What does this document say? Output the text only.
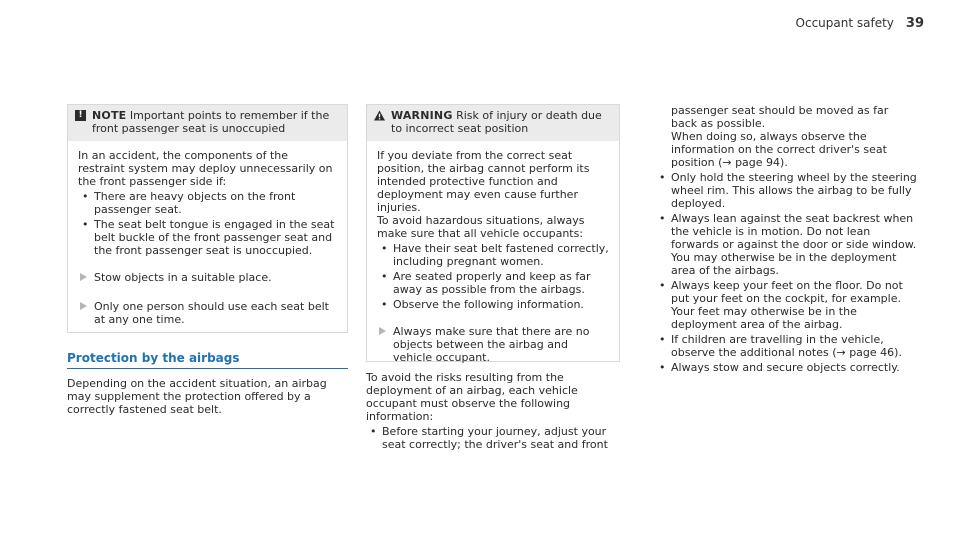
Occupant safety 39
! NOTE Important points to remember if the front passenger seat is unoccupied

In an accident, the components of the restraint system may deploy unnecessarily on the front passenger side if:

• There are heavy objects on the front passenger seat.
• The seat belt tongue is engaged in the seat belt buckle of the front passenger seat and the front passenger seat is unoccupied.
Stow objects in a suitable place.
Only one person should use each seat belt at any one time.
Protection by the airbags
Depending on the accident situation, an airbag may supplement the protection offered by a correctly fastened seat belt.
WARNING Risk of injury or death due to incorrect seat position

If you deviate from the correct seat position, the airbag cannot perform its intended protective function and deployment may even cause further injuries.

To avoid hazardous situations, always make sure that all vehicle occupants:

• Have their seat belt fastened correctly, including pregnant women.
• Are seated properly and keep as far away as possible from the airbags.
• Observe the following information.
Always make sure that there are no objects between the airbag and vehicle occupant.

To avoid the risks resulting from the deployment of an airbag, each vehicle occupant must observe the following information:

• Before starting your journey, adjust your seat correctly; the driver's seat and front

passenger seat should be moved as far back as possible.

When doing so, always observe the information on the correct driver's seat position (→ page 94).

• Only hold the steering wheel by the steering wheel rim. This allows the airbag to be fully deployed.
• Always lean against the seat backrest when the vehicle is in motion. Do not lean forwards or against the door or side window. You may otherwise be in the deployment area of the airbags.
• Always keep your feet on the floor. Do not put your feet on the cockpit, for example. Your feet may otherwise be in the deployment area of the airbag.
• If children are travelling in the vehicle, observe the additional notes (→ page 46).
• Always stow and secure objects correctly.
